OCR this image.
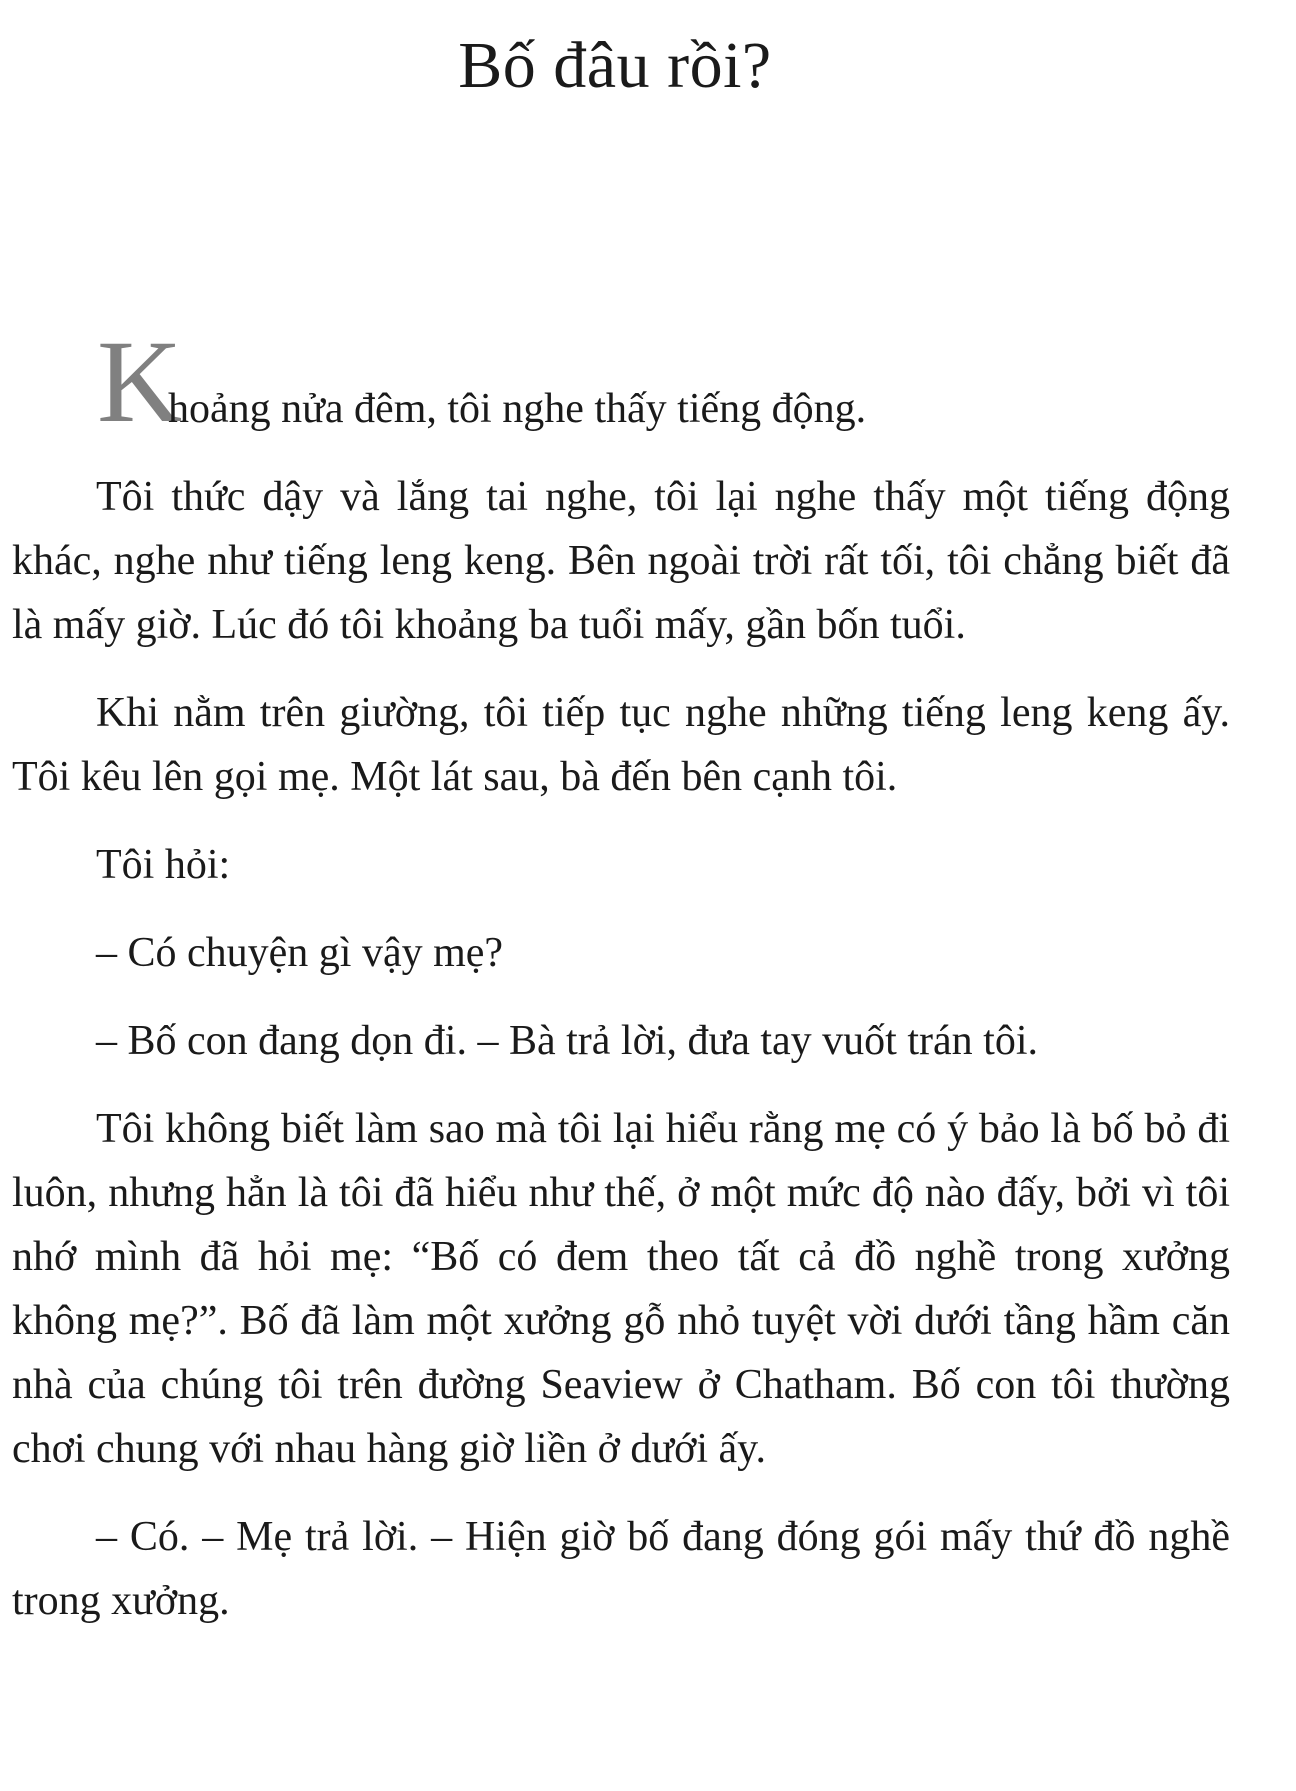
Bố đâu rồi?
K
hoảng nửa đêm, tôi nghe thấy tiếng động.

Tôi thức dậy và lắng tai nghe, tôi lại nghe thấy một tiếng động khác, nghe như tiếng leng keng. Bên ngoài trời rất tối, tôi chẳng biết đã là mấy giờ. Lúc đó tôi khoảng ba tuổi mấy, gần bốn tuổi.

Khi nằm trên giường, tôi tiếp tục nghe những tiếng leng keng ấy. Tôi kêu lên gọi mẹ. Một lát sau, bà đến bên cạnh tôi.

Tôi hỏi:

– Có chuyện gì vậy mẹ?

– Bố con đang dọn đi. – Bà trả lời, đưa tay vuốt trán tôi.

Tôi không biết làm sao mà tôi lại hiểu rằng mẹ có ý bảo là bố bỏ đi luôn, nhưng hẳn là tôi đã hiểu như thế, ở một mức độ nào đấy, bởi vì tôi nhớ mình đã hỏi mẹ: “Bố có đem theo tất cả đồ nghề trong xưởng không mẹ?”. Bố đã làm một xưởng gỗ nhỏ tuyệt vời dưới tầng hầm căn nhà của chúng tôi trên đường Seaview ở Chatham. Bố con tôi thường chơi chung với nhau hàng giờ liền ở dưới ấy.

– Có. – Mẹ trả lời. – Hiện giờ bố đang đóng gói mấy thứ đồ nghề trong xưởng.
